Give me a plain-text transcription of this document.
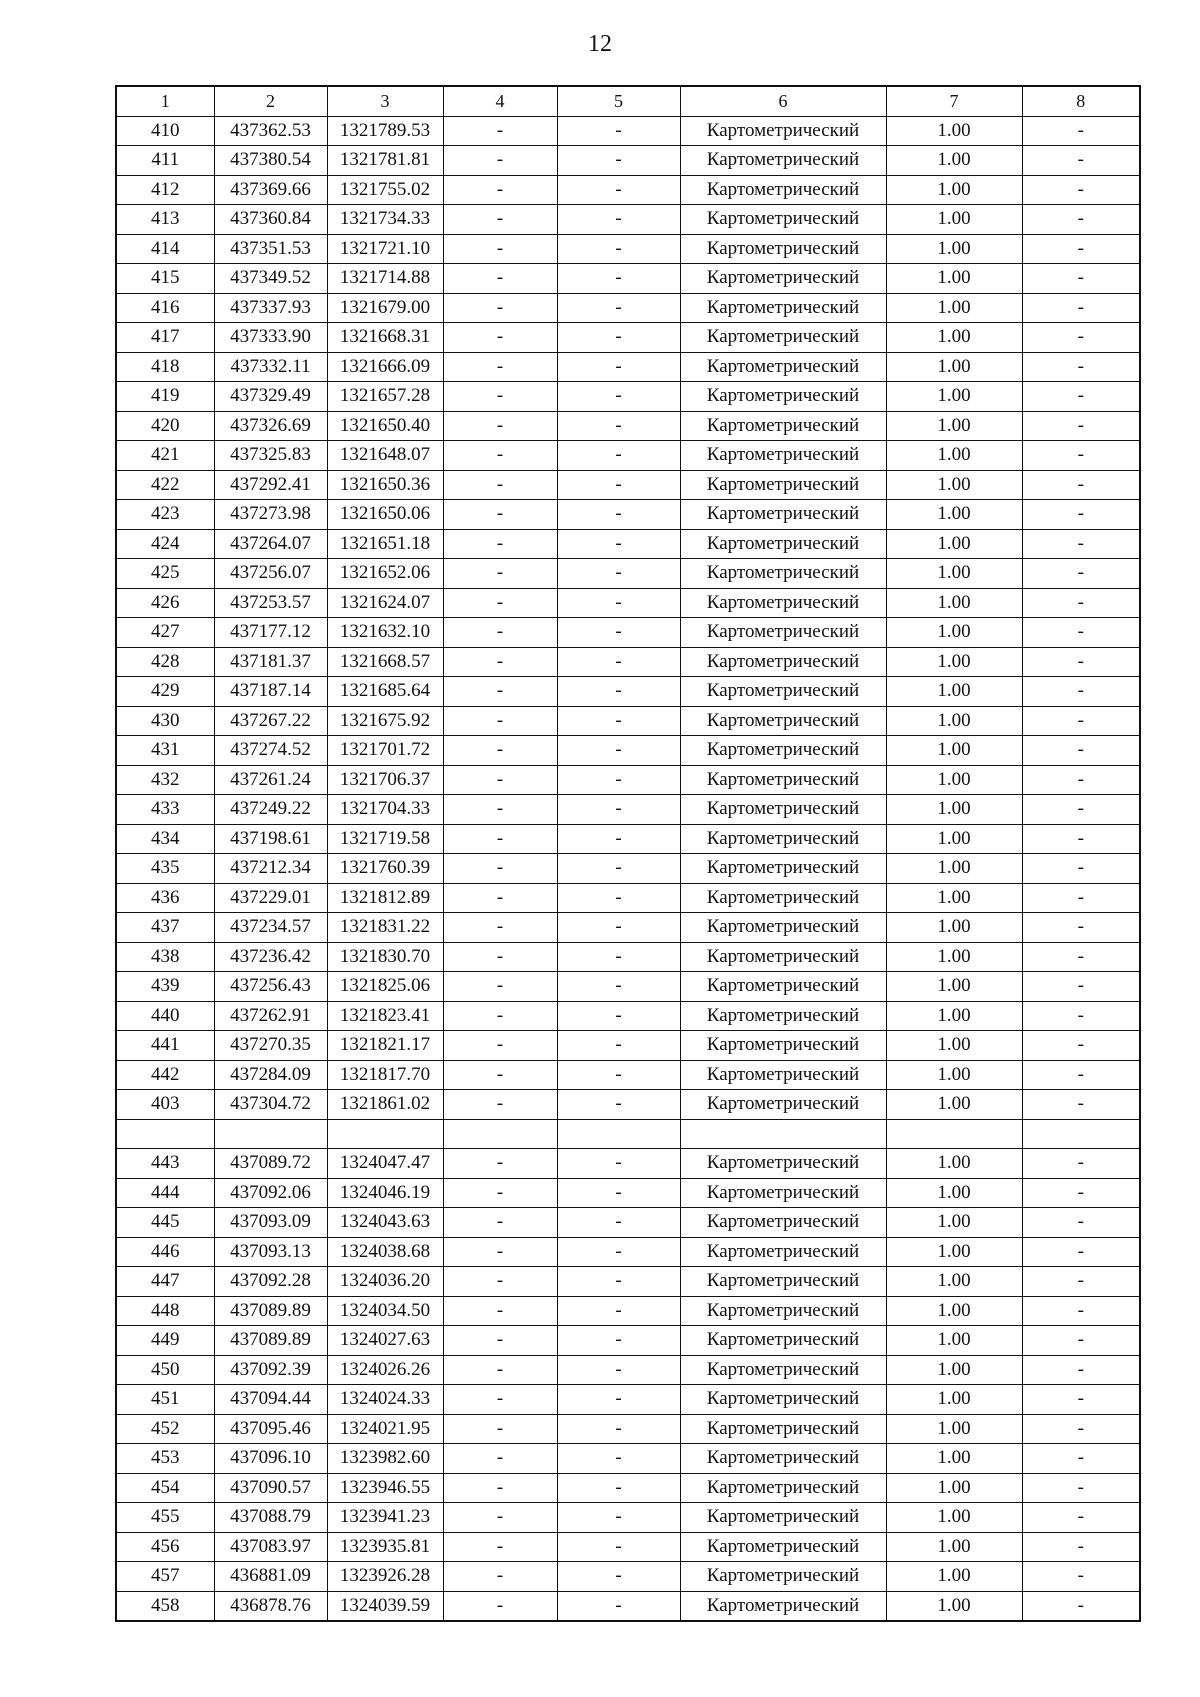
12
1	2	3	4	5	6	7	8
410	437362.53	1321789.53	-	-	Картометрический	1.00	-
411	437380.54	1321781.81	-	-	Картометрический	1.00	-
412	437369.66	1321755.02	-	-	Картометрический	1.00	-
413	437360.84	1321734.33	-	-	Картометрический	1.00	-
414	437351.53	1321721.10	-	-	Картометрический	1.00	-
415	437349.52	1321714.88	-	-	Картометрический	1.00	-
416	437337.93	1321679.00	-	-	Картометрический	1.00	-
417	437333.90	1321668.31	-	-	Картометрический	1.00	-
418	437332.11	1321666.09	-	-	Картометрический	1.00	-
419	437329.49	1321657.28	-	-	Картометрический	1.00	-
420	437326.69	1321650.40	-	-	Картометрический	1.00	-
421	437325.83	1321648.07	-	-	Картометрический	1.00	-
422	437292.41	1321650.36	-	-	Картометрический	1.00	-
423	437273.98	1321650.06	-	-	Картометрический	1.00	-
424	437264.07	1321651.18	-	-	Картометрический	1.00	-
425	437256.07	1321652.06	-	-	Картометрический	1.00	-
426	437253.57	1321624.07	-	-	Картометрический	1.00	-
427	437177.12	1321632.10	-	-	Картометрический	1.00	-
428	437181.37	1321668.57	-	-	Картометрический	1.00	-
429	437187.14	1321685.64	-	-	Картометрический	1.00	-
430	437267.22	1321675.92	-	-	Картометрический	1.00	-
431	437274.52	1321701.72	-	-	Картометрический	1.00	-
432	437261.24	1321706.37	-	-	Картометрический	1.00	-
433	437249.22	1321704.33	-	-	Картометрический	1.00	-
434	437198.61	1321719.58	-	-	Картометрический	1.00	-
435	437212.34	1321760.39	-	-	Картометрический	1.00	-
436	437229.01	1321812.89	-	-	Картометрический	1.00	-
437	437234.57	1321831.22	-	-	Картометрический	1.00	-
438	437236.42	1321830.70	-	-	Картометрический	1.00	-
439	437256.43	1321825.06	-	-	Картометрический	1.00	-
440	437262.91	1321823.41	-	-	Картометрический	1.00	-
441	437270.35	1321821.17	-	-	Картометрический	1.00	-
442	437284.09	1321817.70	-	-	Картометрический	1.00	-
403	437304.72	1321861.02	-	-	Картометрический	1.00	-

443	437089.72	1324047.47	-	-	Картометрический	1.00	-
444	437092.06	1324046.19	-	-	Картометрический	1.00	-
445	437093.09	1324043.63	-	-	Картометрический	1.00	-
446	437093.13	1324038.68	-	-	Картометрический	1.00	-
447	437092.28	1324036.20	-	-	Картометрический	1.00	-
448	437089.89	1324034.50	-	-	Картометрический	1.00	-
449	437089.89	1324027.63	-	-	Картометрический	1.00	-
450	437092.39	1324026.26	-	-	Картометрический	1.00	-
451	437094.44	1324024.33	-	-	Картометрический	1.00	-
452	437095.46	1324021.95	-	-	Картометрический	1.00	-
453	437096.10	1323982.60	-	-	Картометрический	1.00	-
454	437090.57	1323946.55	-	-	Картометрический	1.00	-
455	437088.79	1323941.23	-	-	Картометрический	1.00	-
456	437083.97	1323935.81	-	-	Картометрический	1.00	-
457	436881.09	1323926.28	-	-	Картометрический	1.00	-
458	436878.76	1324039.59	-	-	Картометрический	1.00	-
